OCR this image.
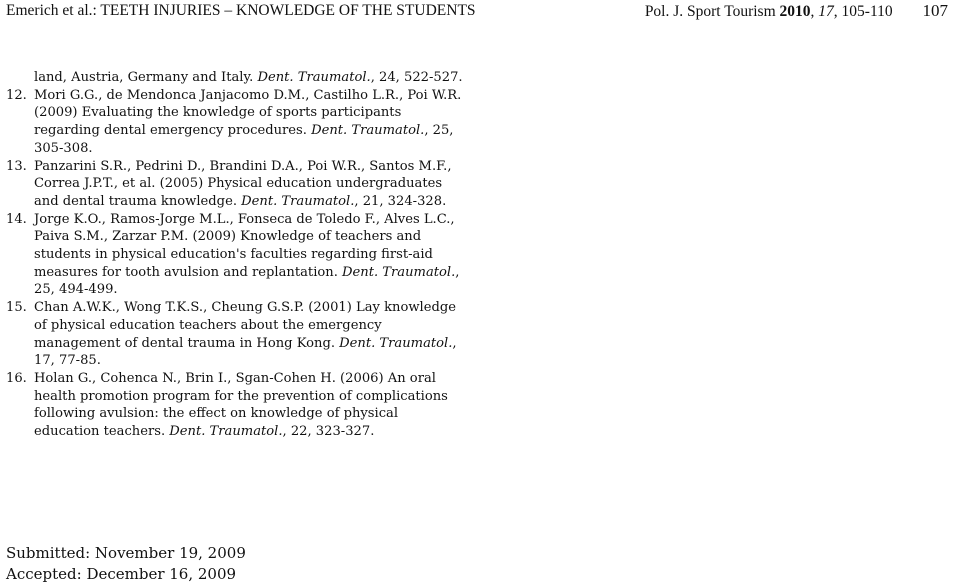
Emerich et al.: TEETH INJURIES – KNOWLEDGE OF THE STUDENTS	Pol. J. Sport Tourism 2010, 17, 105-110 107

land, Austria, Germany and Italy. Dent. Traumatol., 24, 522-527.

12. Mori G.G., de Mendonca Janjacomo D.M., Castilho L.R., Poi W.R. (2009) Evaluating the knowledge of sports participants regarding dental emergency procedures. Dent. Traumatol., 25, 305-308.

13. Panzarini S.R., Pedrini D., Brandini D.A., Poi W.R., Santos M.F., Correa J.P.T., et al. (2005) Physical education undergraduates and dental trauma knowledge. Dent. Traumatol., 21, 324-328.

14. Jorge K.O., Ramos-Jorge M.L., Fonseca de Toledo F., Alves L.C., Paiva S.M., Zarzar P.M. (2009) Knowledge of teachers and students in physical education's faculties regarding first-aid measures for tooth avulsion and replantation. Dent. Traumatol., 25, 494-499.

15. Chan A.W.K., Wong T.K.S., Cheung G.S.P. (2001) Lay knowledge of physical education teachers about the emergency management of dental trauma in Hong Kong. Dent. Traumatol., 17, 77-85.

16. Holan G., Cohenca N., Brin I., Sgan-Cohen H. (2006) An oral health promotion program for the prevention of complications following avulsion: the effect on knowledge of physical education teachers. Dent. Traumatol., 22, 323-327.

Submitted: November 19, 2009
Accepted: December 16, 2009
